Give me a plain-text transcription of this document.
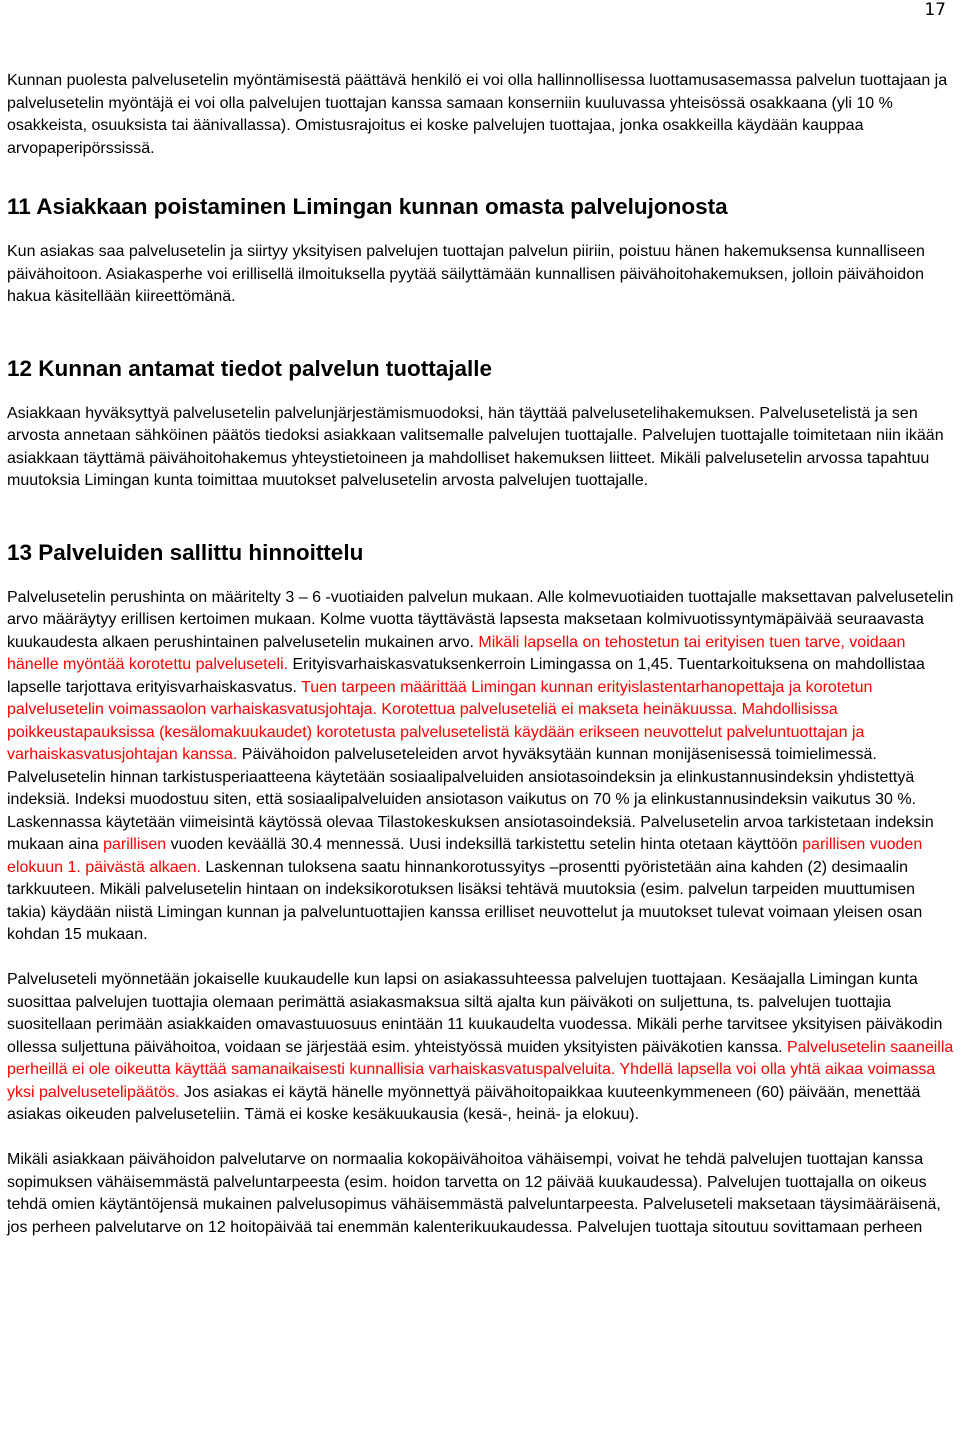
17

Kunnan puolesta palvelusetelin myöntämisestä päättävä henkilö ei voi olla hallinnollisessa luottamusasemassa palvelun tuottajaan ja palvelusetelin myöntäjä ei voi olla palvelujen tuottajan kanssa samaan konserniin kuuluvassa yhteisössä osakkaana (yli 10 % osakkeista, osuuksista tai äänivallassa). Omistusrajoitus ei koske palvelujen tuottajaa, jonka osakkeilla käydään kauppaa arvopaperipörssissä.

11 Asiakkaan poistaminen Limingan kunnan omasta palvelujonosta

Kun asiakas saa palvelusetelin ja siirtyy yksityisen palvelujen tuottajan palvelun piiriin, poistuu hänen hakemuksensa kunnalliseen päivähoitoon. Asiakasperhe voi erillisellä ilmoituksella pyytää säilyttämään kunnallisen päivähoitohakemuksen, jolloin päivähoidon hakua käsitellään kiireettömänä.

12 Kunnan antamat tiedot palvelun tuottajalle

Asiakkaan hyväksyttyä palvelusetelin palvelunjärjestämismuodoksi, hän täyttää palvelusetelihakemuksen. Palvelusetelistä ja sen arvosta annetaan sähköinen päätös tiedoksi asiakkaan valitsemalle palvelujen tuottajalle. Palvelujen tuottajalle toimitetaan niin ikään asiakkaan täyttämä päivähoitohakemus yhteystietoineen ja mahdolliset hakemuksen liitteet. Mikäli palvelusetelin arvossa tapahtuu muutoksia Limingan kunta toimittaa muutokset palvelusetelin arvosta palvelujen tuottajalle.

13 Palveluiden sallittu hinnoittelu

Palvelusetelin perushinta on määritelty 3 – 6 -vuotiaiden palvelun mukaan. Alle kolmevuotiaiden tuottajalle maksettavan palvelusetelin arvo määräytyy erillisen kertoimen mukaan. Kolme vuotta täyttävästä lapsesta maksetaan kolmivuotissyntymäpäivää seuraavasta kuukaudesta alkaen perushintainen palvelusetelin mukainen arvo. Mikäli lapsella on tehostetun tai erityisen tuen tarve, voidaan hänelle myöntää korotettu palveluseteli. Erityisvarhaiskasvatuksenkerroin Limingassa on 1,45. Tuentarkoituksena on mahdollistaa lapselle tarjottava erityisvarhaiskasvatus. Tuen tarpeen määrittää Limingan kunnan erityislastentarhanopettaja ja korotetun palvelusetelin voimassaolon varhaiskasvatusjohtaja. Korotettua palveluseteliä ei makseta heinäkuussa. Mahdollisissa poikkeustapauksissa (kesälomakuukaudet) korotetusta palvelusetelistä käydään erikseen neuvottelut palveluntuottajan ja varhaiskasvatusjohtajan kanssa. Päivähoidon palveluseteleiden arvot hyväksytään kunnan monijäsenisessä toimielimessä. Palvelusetelin hinnan tarkistusperiaatteena käytetään sosiaalipalveluiden ansiotasoindeksin ja elinkustannusindeksin yhdistettyä indeksiä. Indeksi muodostuu siten, että sosiaalipalveluiden ansiotason vaikutus on 70 % ja elinkustannusindeksin vaikutus 30 %. Laskennassa käytetään viimeisintä käytössä olevaa Tilastokeskuksen ansiotasoindeksiä. Palvelusetelin arvoa tarkistetaan indeksin mukaan aina parillisen vuoden keväällä 30.4 mennessä. Uusi indeksillä tarkistettu setelin hinta otetaan käyttöön parillisen vuoden elokuun 1. päivästä alkaen. Laskennan tuloksena saatu hinnankorotussyitys –prosentti pyöristetään aina kahden (2) desimaalin tarkkuuteen. Mikäli palvelusetelin hintaan on indeksikorotuksen lisäksi tehtävä muutoksia (esim. palvelun tarpeiden muuttumisen takia) käydään niistä Limingan kunnan ja palveluntuottajien kanssa erilliset neuvottelut ja muutokset tulevat voimaan yleisen osan kohdan 15 mukaan.

Palveluseteli myönnetään jokaiselle kuukaudelle kun lapsi on asiakassuhteessa palvelujen tuottajaan. Kesäajalla Limingan kunta suosittaa palvelujen tuottajia olemaan perimättä asiakasmaksua siltä ajalta kun päiväkoti on suljettuna, ts. palvelujen tuottajia suositellaan perimään asiakkaiden omavastuuosuus enintään 11 kuukaudelta vuodessa. Mikäli perhe tarvitsee yksityisen päiväkodin ollessa suljettuna päivähoitoa, voidaan se järjestää esim. yhteistyössä muiden yksityisten päiväkotien kanssa. Palvelusetelin saaneilla perheillä ei ole oikeutta käyttää samanaikaisesti kunnallisia varhaiskasvatuspalveluita. Yhdellä lapsella voi olla yhtä aikaa voimassa yksi palvelusetelipäätös. Jos asiakas ei käytä hänelle myönnettyä päivähoitopaikkaa kuuteenkymmeneen (60) päivään, menettää asiakas oikeuden palveluseteliin. Tämä ei koske kesäkuukausia (kesä-, heinä- ja elokuu).

Mikäli asiakkaan päivähoidon palvelutarve on normaalia kokopäivähoitoa vähäisempi, voivat he tehdä palvelujen tuottajan kanssa sopimuksen vähäisemmästä palveluntarpeesta (esim. hoidon tarvetta on 12 päivää kuukaudessa). Palvelujen tuottajalla on oikeus tehdä omien käytäntöjensä mukainen palvelusopimus vähäisemmästä palveluntarpeesta. Palveluseteli maksetaan täysimääräisenä, jos perheen palvelutarve on 12 hoitopäivää tai enemmän kalenterikuukaudessa. Palvelujen tuottaja sitoutuu sovittamaan perheen
